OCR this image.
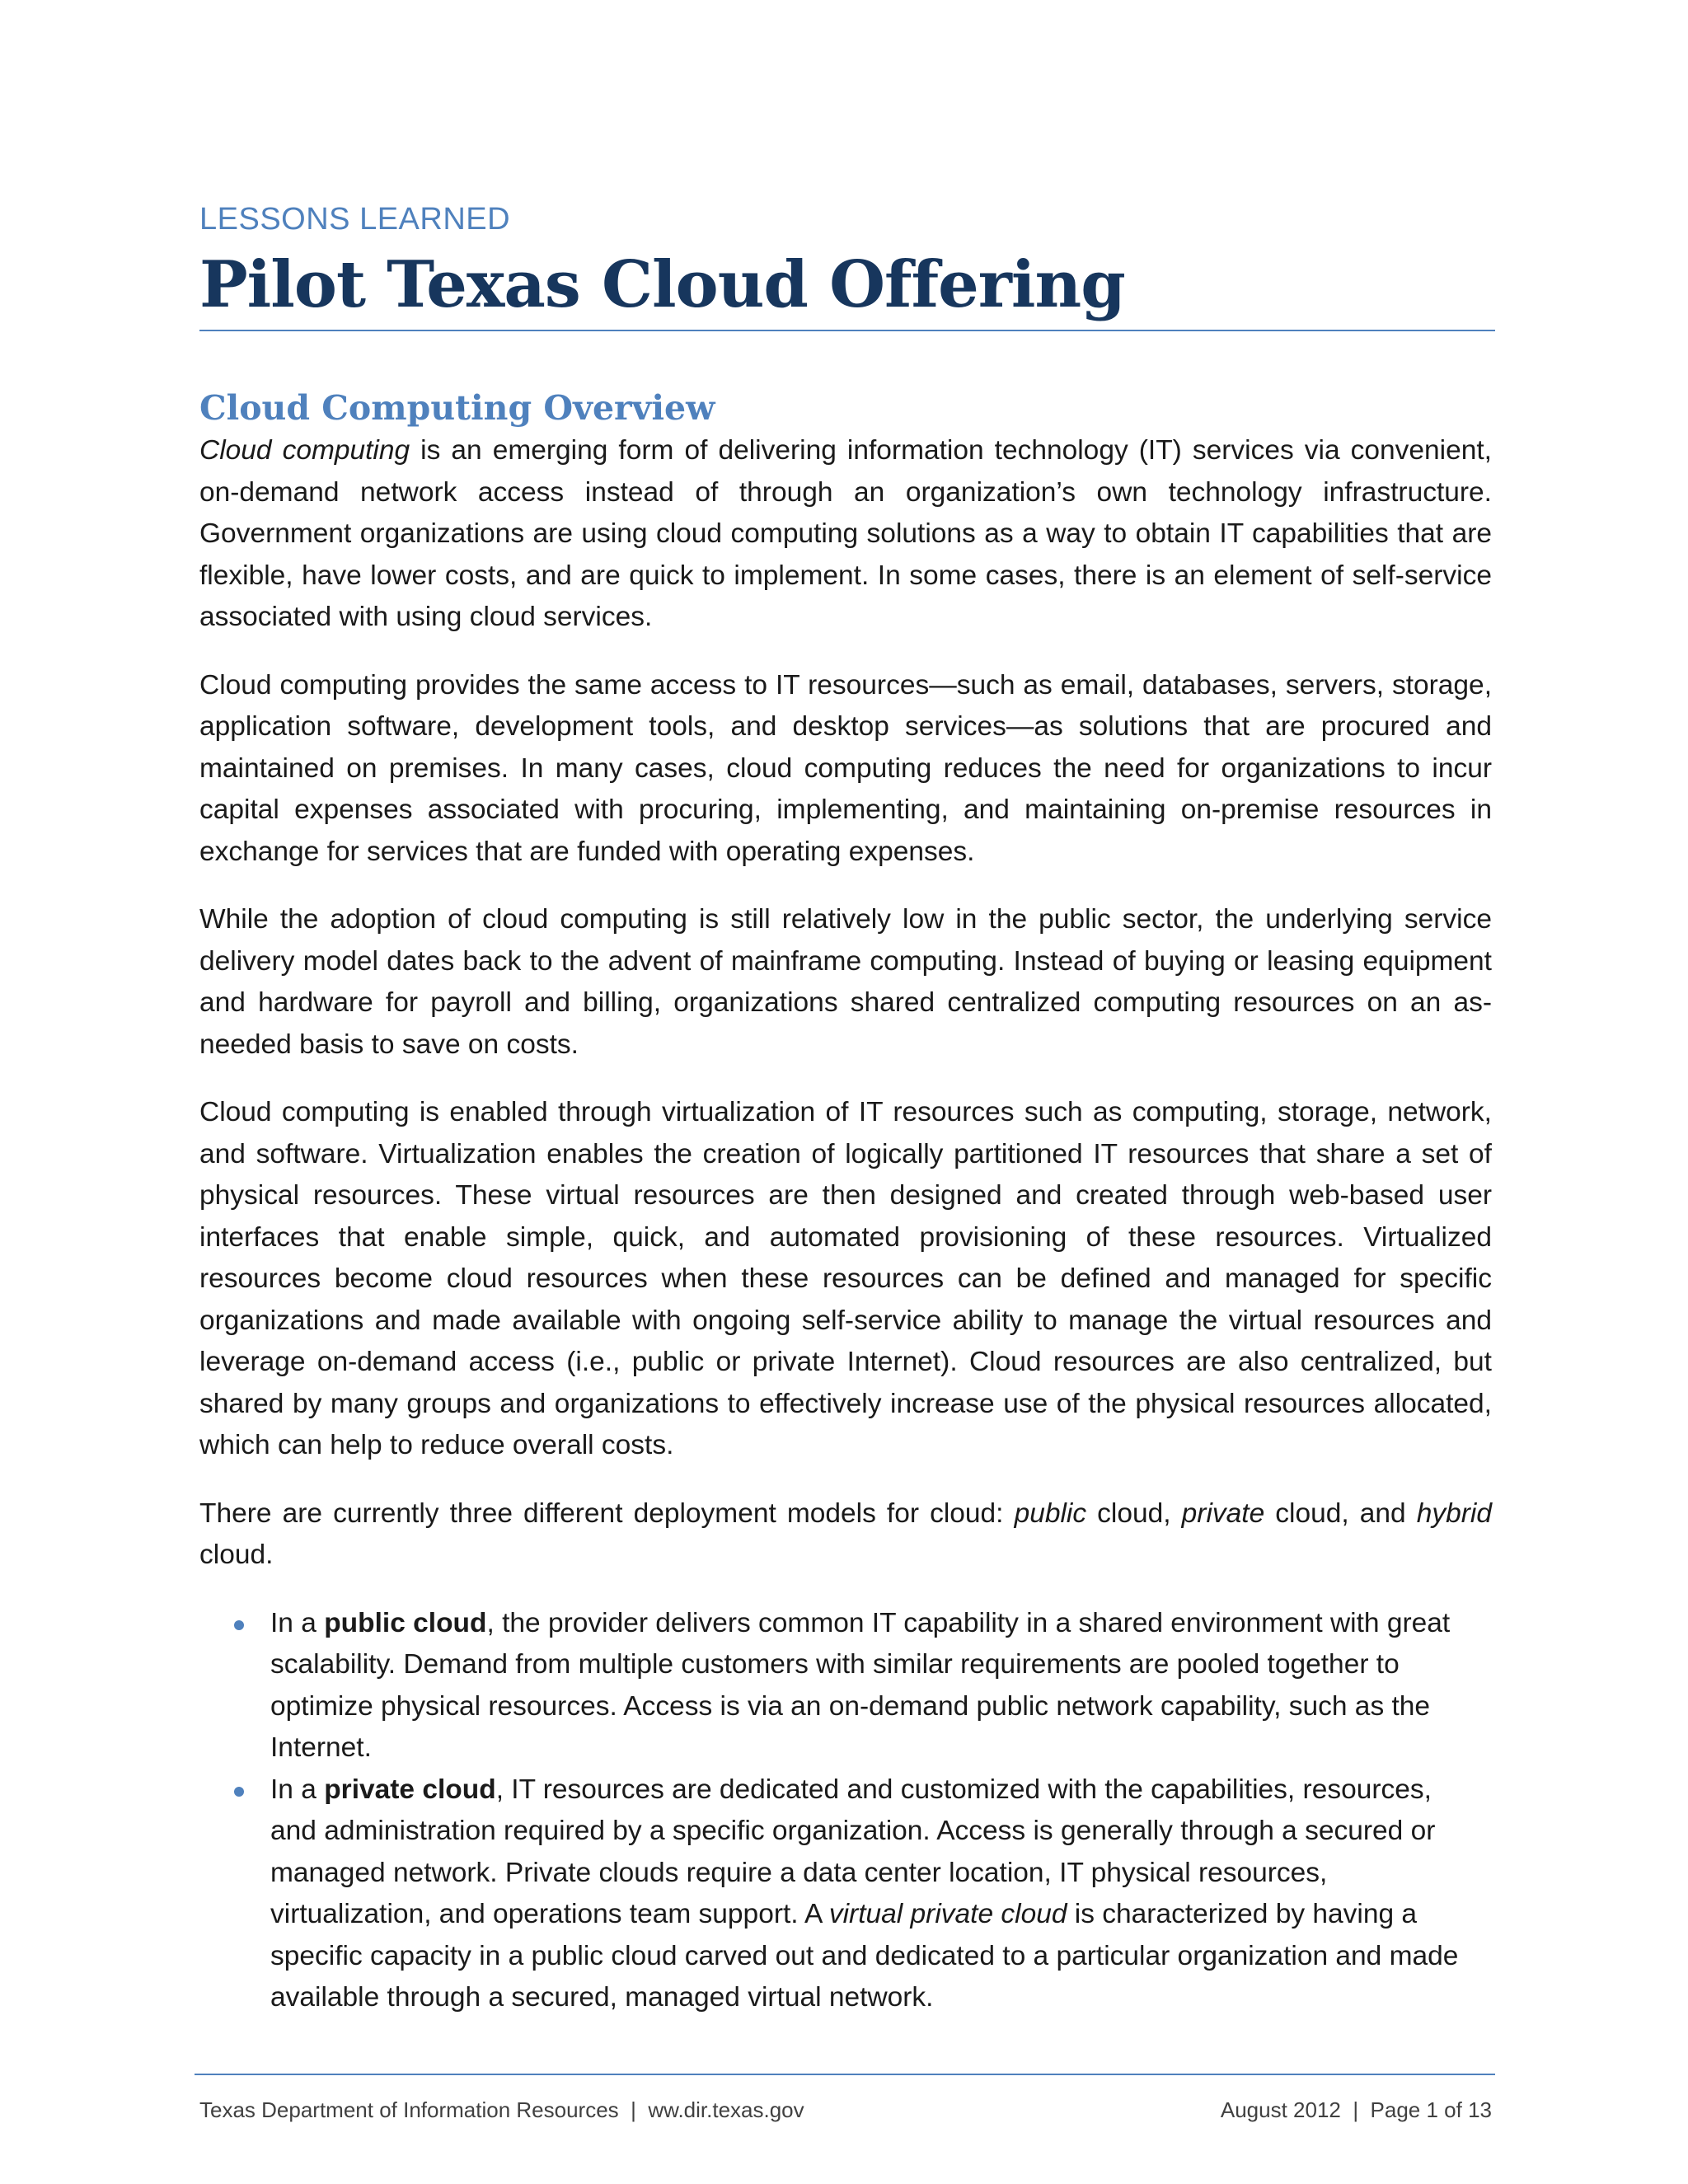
LESSONS LEARNED

Pilot Texas Cloud Offering
Cloud Computing Overview

Cloud computing is an emerging form of delivering information technology (IT) services via convenient, on-demand network access instead of through an organization’s own technology infrastructure. Government organizations are using cloud computing solutions as a way to obtain IT capabilities that are flexible, have lower costs, and are quick to implement. In some cases, there is an element of self-service associated with using cloud services.

Cloud computing provides the same access to IT resources—such as email, databases, servers, storage, application software, development tools, and desktop services—as solutions that are procured and maintained on premises. In many cases, cloud computing reduces the need for organizations to incur capital expenses associated with procuring, implementing, and maintaining on-premise resources in exchange for services that are funded with operating expenses.

While the adoption of cloud computing is still relatively low in the public sector, the underlying service delivery model dates back to the advent of mainframe computing. Instead of buying or leasing equipment and hardware for payroll and billing, organizations shared centralized computing resources on an as-needed basis to save on costs.

Cloud computing is enabled through virtualization of IT resources such as computing, storage, network, and software. Virtualization enables the creation of logically partitioned IT resources that share a set of physical resources. These virtual resources are then designed and created through web-based user interfaces that enable simple, quick, and automated provisioning of these resources. Virtualized resources become cloud resources when these resources can be defined and managed for specific organizations and made available with ongoing self-service ability to manage the virtual resources and leverage on-demand access (i.e., public or private Internet). Cloud resources are also centralized, but shared by many groups and organizations to effectively increase use of the physical resources allocated, which can help to reduce overall costs.

There are currently three different deployment models for cloud: public cloud, private cloud, and hybrid cloud.

In a public cloud, the provider delivers common IT capability in a shared environment with great scalability. Demand from multiple customers with similar requirements are pooled together to optimize physical resources. Access is via an on-demand public network capability, such as the Internet.
In a private cloud, IT resources are dedicated and customized with the capabilities, resources, and administration required by a specific organization. Access is generally through a secured or managed network. Private clouds require a data center location, IT physical resources, virtualization, and operations team support. A virtual private cloud is characterized by having a specific capacity in a public cloud carved out and dedicated to a particular organization and made available through a secured, managed virtual network.
Texas Department of Information Resources  |  ww.dir.texas.gov	August 2012  |  Page 1 of 13
